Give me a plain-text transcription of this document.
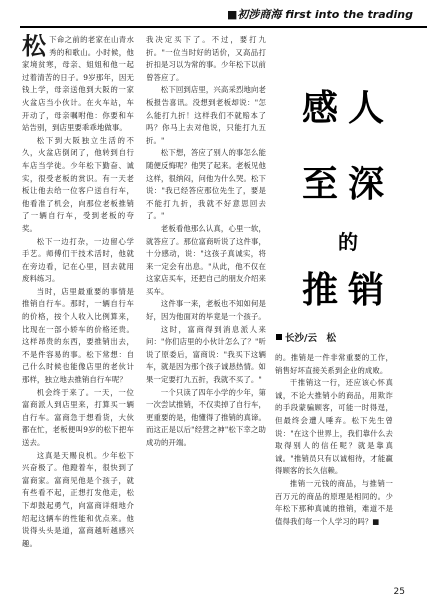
■初涉商海 first into the trading

松下命之前的老家在山青水秀的和歌山。小时候，他家境贫寒，母亲、姐姐和他一起过着清苦的日子。9岁那年，因无钱上学，母亲送他到大阪的一家火盆店当小伙计。在火车站，车开动了，母亲嘱咐他：你要和车站告别，到店里要乖乖地做事。

松下到大阪独立生活的不久，火盆店倒闭了，他转到自行车店当学徒。少年松下勤奋、诚实，很受老板的赏识。有一天老板让他去给一位客户送自行车，他看准了机会，向那位老板推销了一辆自行车，受到老板的夸奖。

松下一边打杂，一边留心学手艺。师傅们干技术活时，他就在旁边看，记在心里，回去就用废料练习。

当时，店里最重要的事情是推销自行车。那时，一辆自行车的价格，按个人收入比例算来，比现在一部小轿车的价格还贵。这样昂贵的东西，要推销出去，不是件容易的事。松下常想：自己什么时候也能像店里的老伙计那样，独立地去推销自行车呢？

机会终于来了。一天，一位富商派人到店里来，打算买一辆自行车。富商急于想看货，大伙都在忙，老板便叫9岁的松下把车送去。

这真是天赐良机。少年松下兴奋极了。他蹬着车，很快到了富商家。富商见他是个孩子，就有些看不起，正想打发他走，松下却鼓起勇气，向富商详细地介绍起这辆车的性能和优点来。他说得头头是道，富商越听越感兴趣。

我决定买下了。不过，要打九折。"一位当时好的话价，又高品打折扣是习以为常的事。少年松下以前曾答应了。

松下回到店里，兴高采烈地向老板报告喜讯。没想到老板却说："怎么能打九折！这样我们不就赔本了吗？你马上去对他说，只能打九五折。"

松下想，答应了别人的事怎么能随便反悔呢？他哭了起来。老板见他这样，很纳闷，问他为什么哭。松下说："我已经答应那位先生了，要是不能打九折，我就不好意思回去了。"

老板看他那么认真，心里一软，就答应了。那位富商听说了这件事，十分感动，说："这孩子真诚实，将来一定会有出息。"从此，他不仅在这家店买车，还把自己的朋友介绍来买车。

这件事一来，老板也不知如何是好，因为他面对的毕竟是一个孩子。

这时，富商得到消息派人来问："你们店里的小伙计怎么了？"听说了原委后，富商说："我买下这辆车，就是因为那个孩子诚恳热情。如果一定要打九五折，我就不买了。"

一个只读了四年小学的少年，第一次尝试推销，不仅卖掉了自行车，更重要的是，他懂得了推销的真谛。而这正是以后"经营之神"松下幸之助成功的开端。

感人
至深
的
推销
长沙/云　松

的。推销是一件非常重要的工作，销售好坏直接关系到企业的成败。

干推销这一行，还应该心怀真诚，不论大推销小的商品，用欺诈的手段蒙骗顾客，可能一时得逞，但最终会遭人唾弃。松下先生曾说："在这个世界上，我们靠什么去取得别人的信任呢？就是靠真诚。"推销员只有以诚相待，才能赢得顾客的长久信赖。

推销一元钱的商品，与推销一百万元的商品的原理是相同的。少年松下那种真诚的推销，难道不是值得我们每一个人学习的吗？■

25
